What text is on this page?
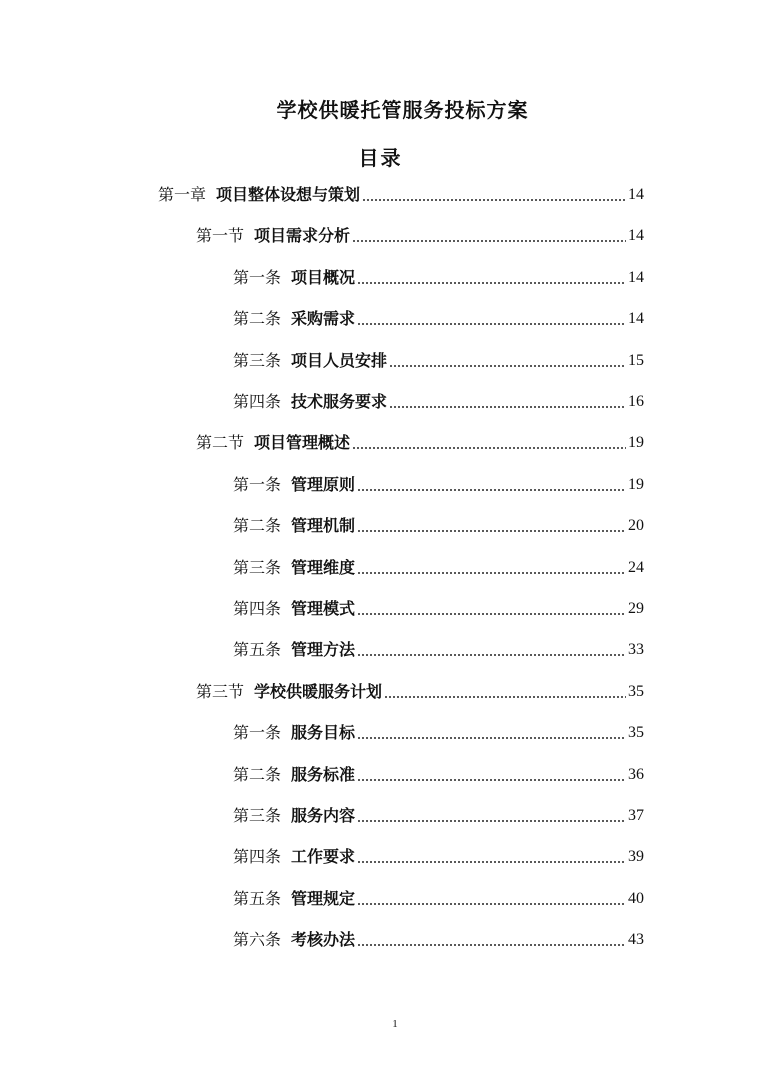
学校供暖托管服务投标方案
目录
第一章 项目整体设想与策划	14
第一节 项目需求分析	14
第一条 项目概况	14
第二条 采购需求	14
第三条 项目人员安排	15
第四条 技术服务要求	16
第二节 项目管理概述	19
第一条 管理原则	19
第二条 管理机制	20
第三条 管理维度	24
第四条 管理模式	29
第五条 管理方法	33
第三节 学校供暖服务计划	35
第一条 服务目标	35
第二条 服务标准	36
第三条 服务内容	37
第四条 工作要求	39
第五条 管理规定	40
第六条 考核办法	43
1
